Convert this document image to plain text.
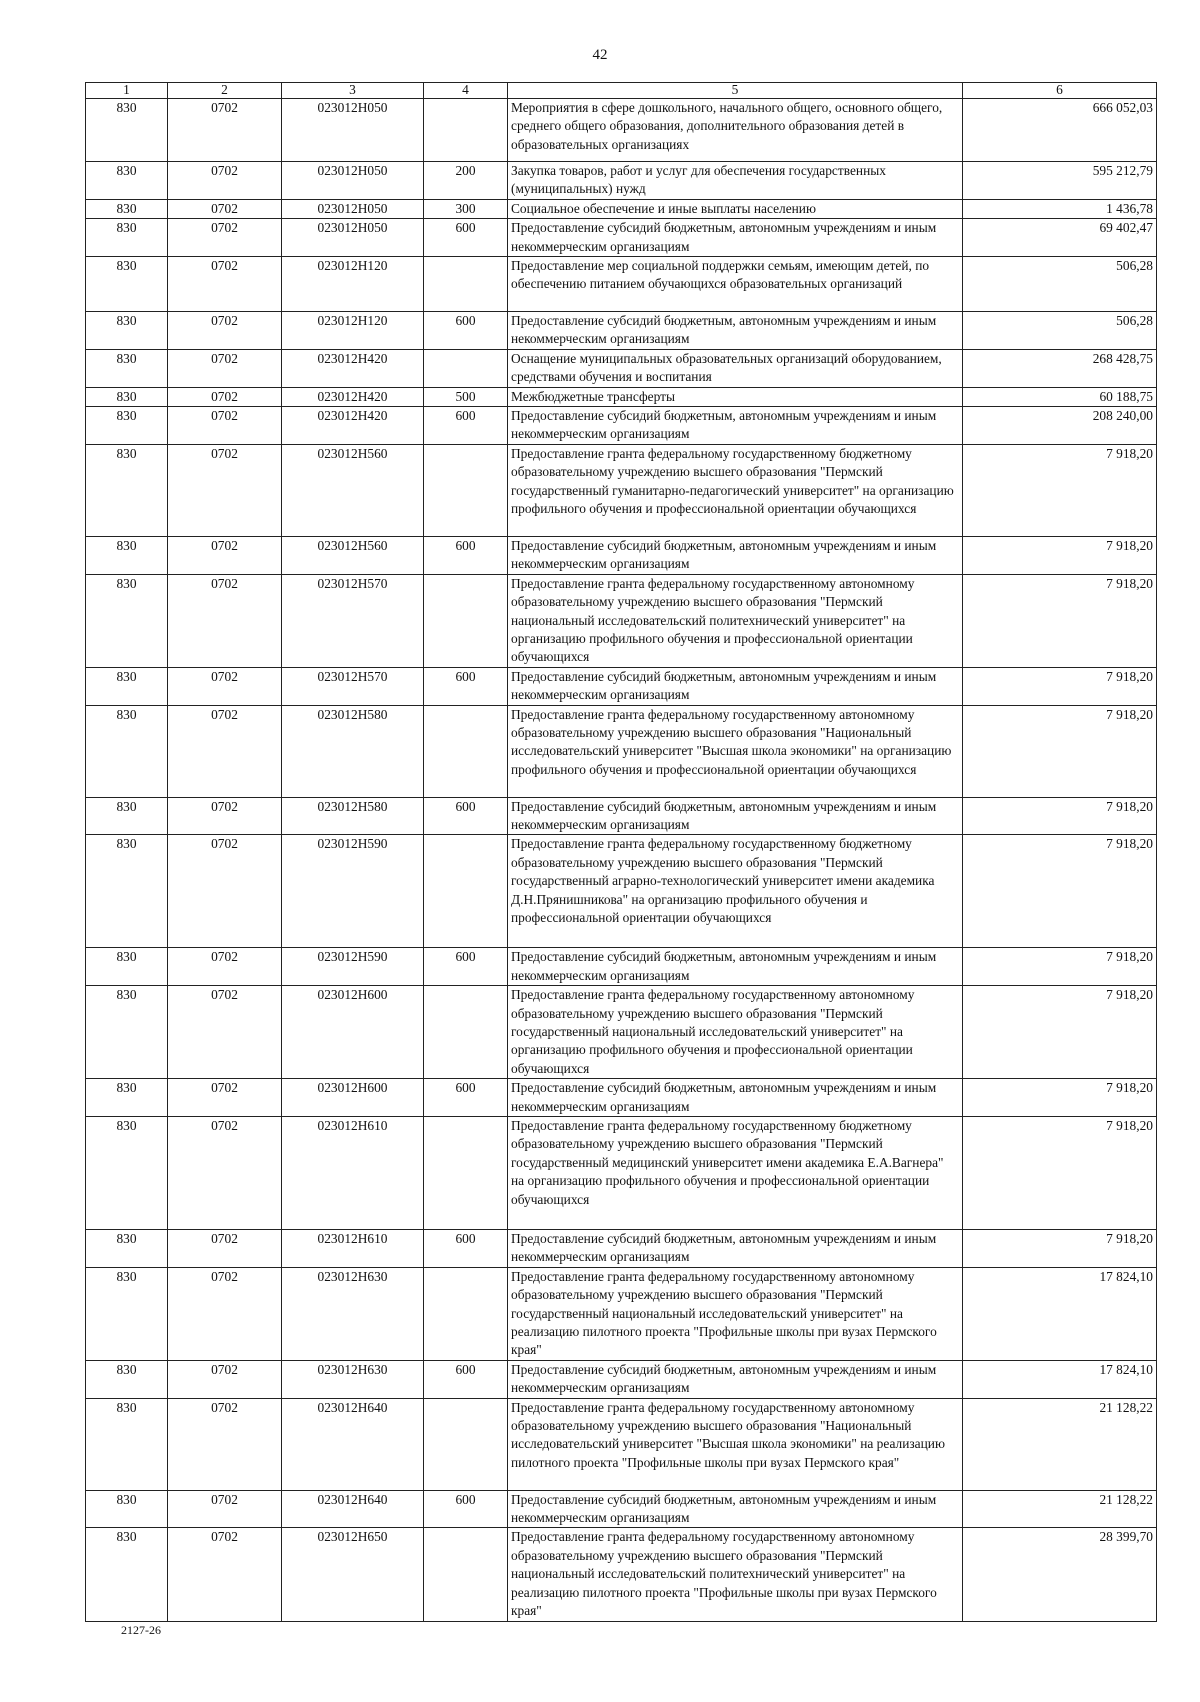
42
1	2	3	4	5	6
830	0702	023012Н050		Мероприятия в сфере дошкольного, начального общего, основного общего, среднего общего образования, дополнительного образования детей в образовательных организациях	666 052,03
830	0702	023012Н050	200	Закупка товаров, работ и услуг для обеспечения государственных (муниципальных) нужд	595 212,79
830	0702	023012Н050	300	Социальное обеспечение и иные выплаты населению	1 436,78
830	0702	023012Н050	600	Предоставление субсидий бюджетным, автономным учреждениям и иным некоммерческим организациям	69 402,47
830	0702	023012Н120		Предоставление мер социальной поддержки семьям, имеющим детей, по обеспечению питанием обучающихся образовательных организаций	506,28
830	0702	023012Н120	600	Предоставление субсидий бюджетным, автономным учреждениям и иным некоммерческим организациям	506,28
830	0702	023012Н420		Оснащение муниципальных образовательных организаций оборудованием, средствами обучения и воспитания	268 428,75
830	0702	023012Н420	500	Межбюджетные трансферты	60 188,75
830	0702	023012Н420	600	Предоставление субсидий бюджетным, автономным учреждениям и иным некоммерческим организациям	208 240,00
830	0702	023012Н560		Предоставление гранта федеральному государственному бюджетному образовательному учреждению высшего образования "Пермский государственный гуманитарно-педагогический университет" на организацию профильного обучения и профессиональной ориентации обучающихся	7 918,20
830	0702	023012Н560	600	Предоставление субсидий бюджетным, автономным учреждениям и иным некоммерческим организациям	7 918,20
830	0702	023012Н570		Предоставление гранта федеральному государственному автономному образовательному учреждению высшего образования "Пермский национальный исследовательский политехнический университет" на организацию профильного обучения и профессиональной ориентации обучающихся	7 918,20
830	0702	023012Н570	600	Предоставление субсидий бюджетным, автономным учреждениям и иным некоммерческим организациям	7 918,20
830	0702	023012Н580		Предоставление гранта федеральному государственному автономному образовательному учреждению высшего образования "Национальный исследовательский университет "Высшая школа экономики" на организацию профильного обучения и профессиональной ориентации обучающихся	7 918,20
830	0702	023012Н580	600	Предоставление субсидий бюджетным, автономным учреждениям и иным некоммерческим организациям	7 918,20
830	0702	023012Н590		Предоставление гранта федеральному государственному бюджетному образовательному учреждению высшего образования "Пермский государственный аграрно-технологический университет имени академика Д.Н.Прянишникова" на организацию профильного обучения и профессиональной ориентации обучающихся	7 918,20
830	0702	023012Н590	600	Предоставление субсидий бюджетным, автономным учреждениям и иным некоммерческим организациям	7 918,20
830	0702	023012Н600		Предоставление гранта федеральному государственному автономному образовательному учреждению высшего образования "Пермский государственный национальный исследовательский университет" на организацию профильного обучения и профессиональной ориентации обучающихся	7 918,20
830	0702	023012Н600	600	Предоставление субсидий бюджетным, автономным учреждениям и иным некоммерческим организациям	7 918,20
830	0702	023012Н610		Предоставление гранта федеральному государственному бюджетному образовательному учреждению высшего образования "Пермский государственный медицинский университет имени академика Е.А.Вагнера" на организацию профильного обучения и профессиональной ориентации обучающихся	7 918,20
830	0702	023012Н610	600	Предоставление субсидий бюджетным, автономным учреждениям и иным некоммерческим организациям	7 918,20
830	0702	023012Н630		Предоставление гранта федеральному государственному автономному образовательному учреждению высшего образования "Пермский государственный национальный исследовательский университет" на реализацию пилотного проекта "Профильные школы при вузах Пермского края"	17 824,10
830	0702	023012Н630	600	Предоставление субсидий бюджетным, автономным учреждениям и иным некоммерческим организациям	17 824,10
830	0702	023012Н640		Предоставление гранта федеральному государственному автономному образовательному учреждению высшего образования "Национальный исследовательский университет "Высшая школа экономики" на реализацию пилотного проекта "Профильные школы при вузах Пермского края"	21 128,22
830	0702	023012Н640	600	Предоставление субсидий бюджетным, автономным учреждениям и иным некоммерческим организациям	21 128,22
830	0702	023012Н650		Предоставление гранта федеральному государственному автономному образовательному учреждению высшего образования "Пермский национальный исследовательский политехнический университет" на реализацию пилотного проекта "Профильные школы при вузах Пермского края"	28 399,70
2127-26
